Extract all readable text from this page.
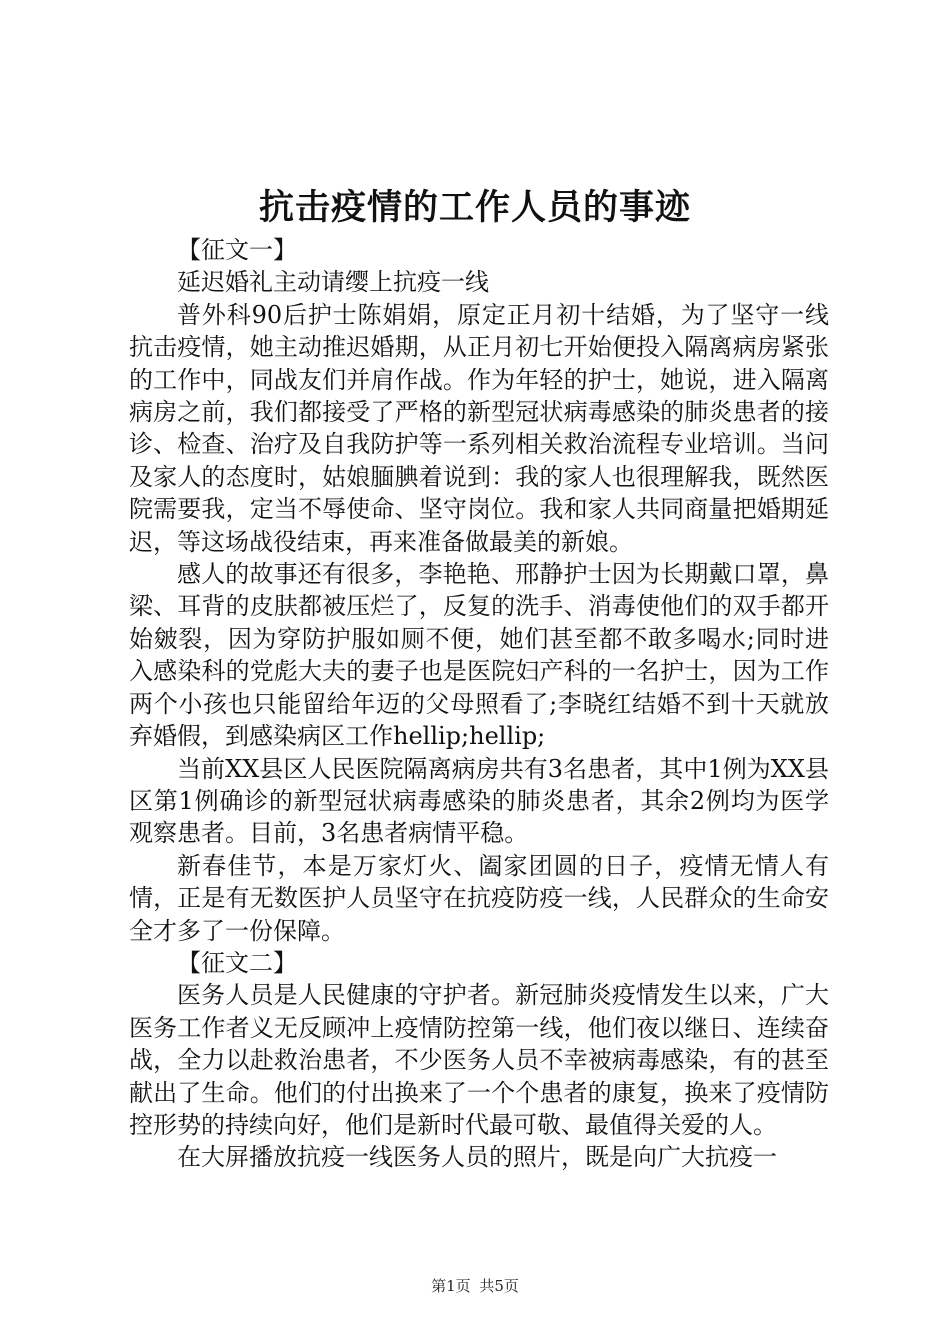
抗击疫情的工作人员的事迹

【征文一】

延迟婚礼主动请缨上抗疫一线

普外科90后护士陈娟娟，原定正月初十结婚，为了坚守一线抗击疫情，她主动推迟婚期，从正月初七开始便投入隔离病房紧张的工作中，同战友们并肩作战。作为年轻的护士，她说，进入隔离病房之前，我们都接受了严格的新型冠状病毒感染的肺炎患者的接诊、检查、治疗及自我防护等一系列相关救治流程专业培训。当问及家人的态度时，姑娘腼腆着说到：我的家人也很理解我，既然医院需要我，定当不辱使命、坚守岗位。我和家人共同商量把婚期延迟，等这场战役结束，再来准备做最美的新娘。

感人的故事还有很多，李艳艳、邢静护士因为长期戴口罩，鼻梁、耳背的皮肤都被压烂了，反复的洗手、消毒使他们的双手都开始皴裂，因为穿防护服如厕不便，她们甚至都不敢多喝水;同时进入感染科的党彪大夫的妻子也是医院妇产科的一名护士，因为工作两个小孩也只能留给年迈的父母照看了;李晓红结婚不到十天就放弃婚假，到感染病区工作hellip;hellip;

当前XX县区人民医院隔离病房共有3名患者，其中1例为XX县区第1例确诊的新型冠状病毒感染的肺炎患者，其余2例均为医学观察患者。目前，3名患者病情平稳。

新春佳节，本是万家灯火、阖家团圆的日子，疫情无情人有情，正是有无数医护人员坚守在抗疫防疫一线，人民群众的生命安全才多了一份保障。

【征文二】

医务人员是人民健康的守护者。新冠肺炎疫情发生以来，广大医务工作者义无反顾冲上疫情防控第一线，他们夜以继日、连续奋战，全力以赴救治患者，不少医务人员不幸被病毒感染，有的甚至献出了生命。他们的付出换来了一个个患者的康复，换来了疫情防控形势的持续向好，他们是新时代最可敬、最值得关爱的人。

在大屏播放抗疫一线医务人员的照片，既是向广大抗疫一

第1页 共5页
